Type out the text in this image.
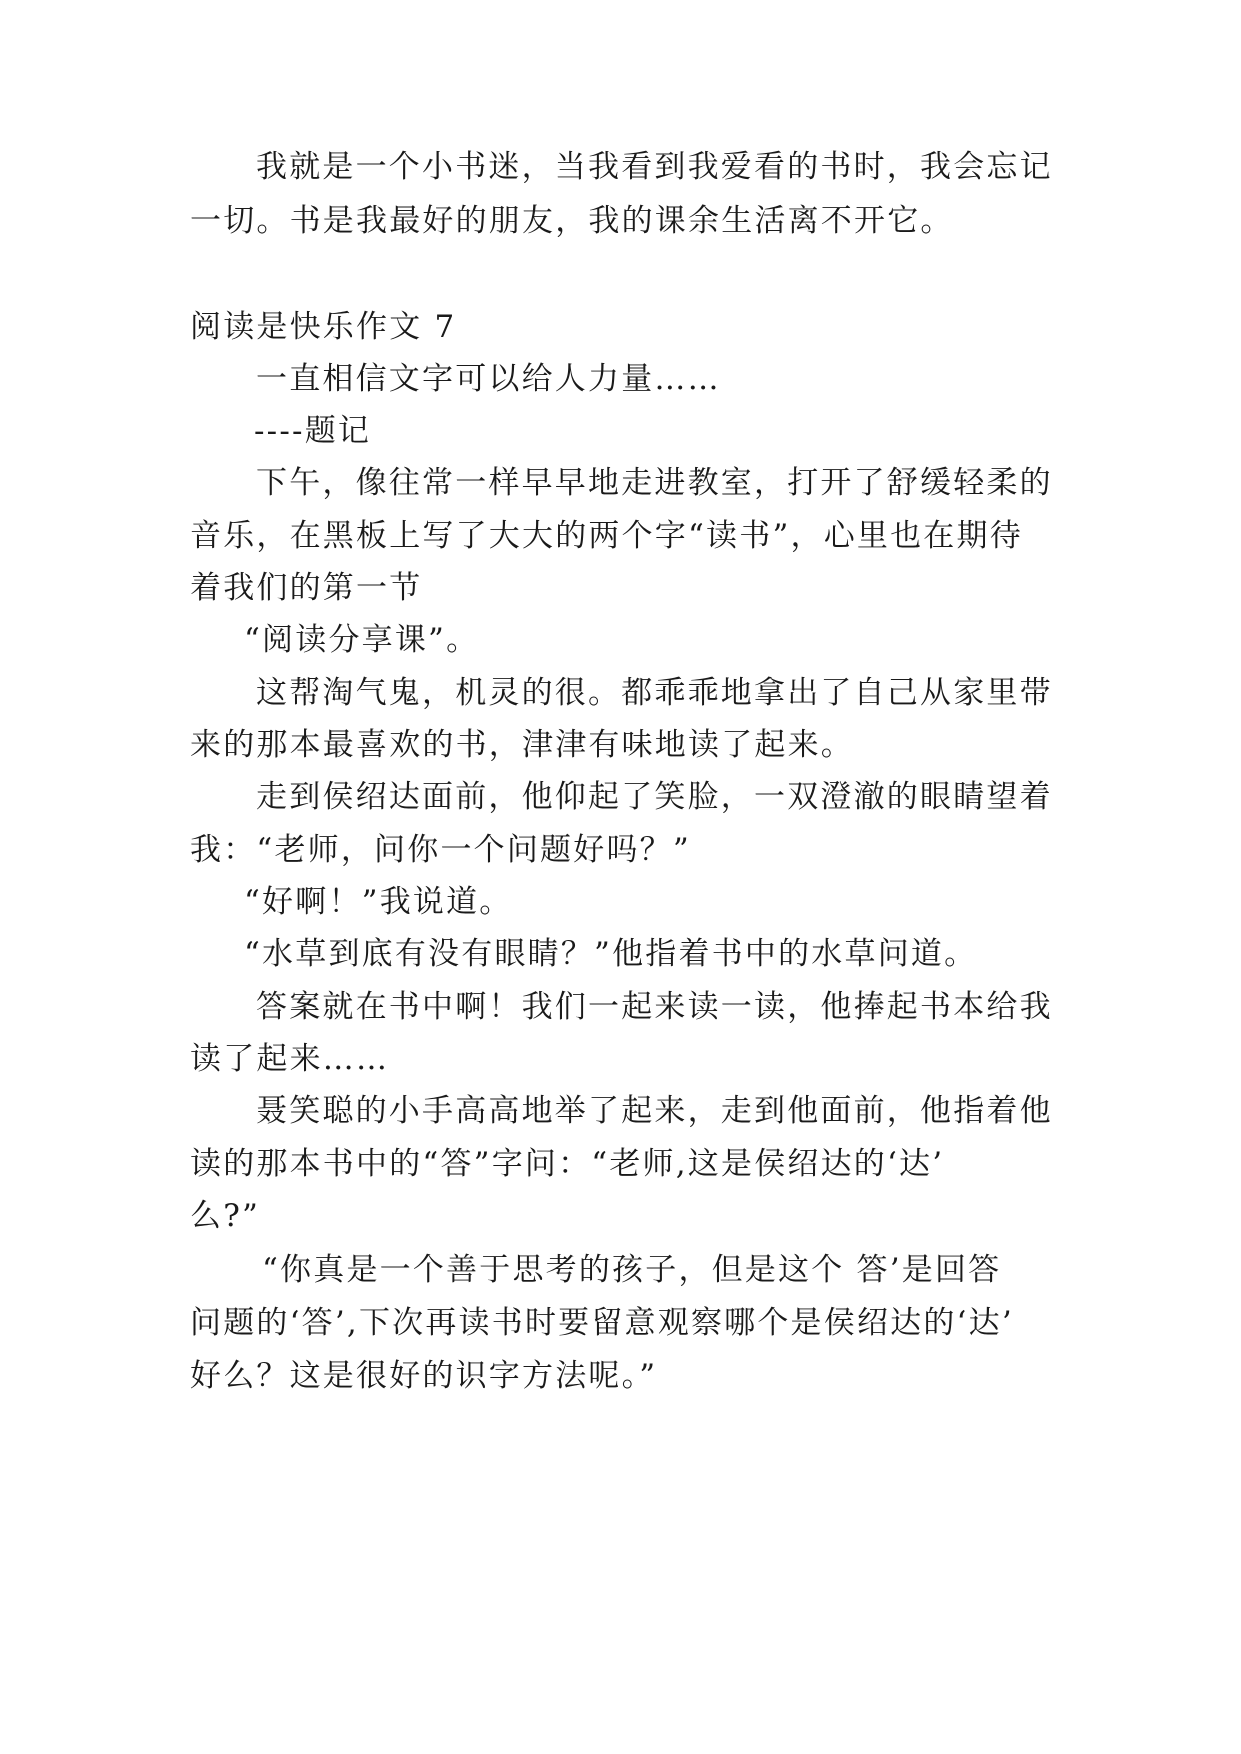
我就是一个小书迷，当我看到我爱看的书时，我会忘记
一切。书是我最好的朋友，我的课余生活离不开它。
阅读是快乐作文 7
一直相信文字可以给人力量……
----题记
下午，像往常一样早早地走进教室，打开了舒缓轻柔的
音乐，在黑板上写了大大的两个字“读书”，心里也在期待
着我们的第一节
“阅读分享课”。
这帮淘气鬼，机灵的很。都乖乖地拿出了自己从家里带
来的那本最喜欢的书，津津有味地读了起来。
走到侯绍达面前，他仰起了笑脸，一双澄澈的眼睛望着
我：“老师，问你一个问题好吗？”
“好啊！”我说道。
“水草到底有没有眼睛？”他指着书中的水草问道。
答案就在书中啊！我们一起来读一读，他捧起书本给我
读了起来……
聂笑聪的小手高高地举了起来，走到他面前，他指着他
读的那本书中的“答”字问：“老师,这是侯绍达的‘达’
么?”
“你真是一个善于思考的孩子，但是这个 答’是回答
问题的‘答’,下次再读书时要留意观察哪个是侯绍达的‘达’
好么？这是很好的识字方法呢。”
